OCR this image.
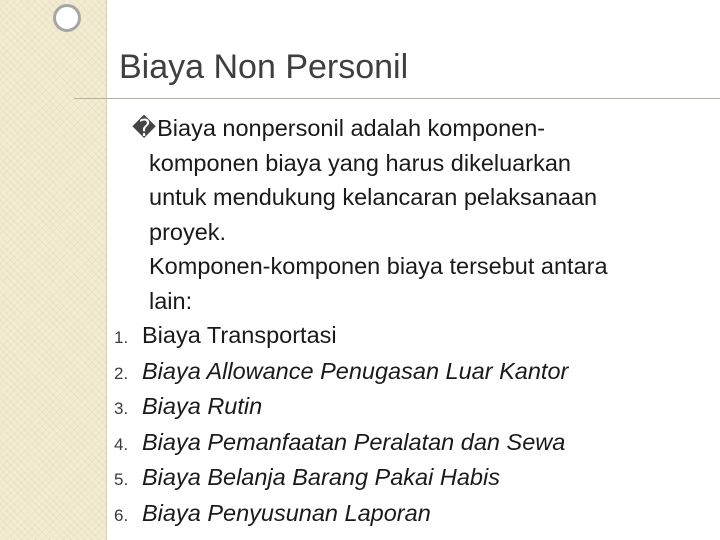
Biaya Non Personil
�Biaya nonpersonil adalah komponen-
komponen biaya yang harus dikeluarkan
untuk mendukung kelancaran pelaksanaan
proyek.
Komponen-komponen biaya tersebut antara
lain:
1. Biaya Transportasi
2. Biaya Allowance Penugasan Luar Kantor
3. Biaya Rutin
4. Biaya Pemanfaatan Peralatan dan Sewa
5. Biaya Belanja Barang Pakai Habis
6. Biaya Penyusunan Laporan
